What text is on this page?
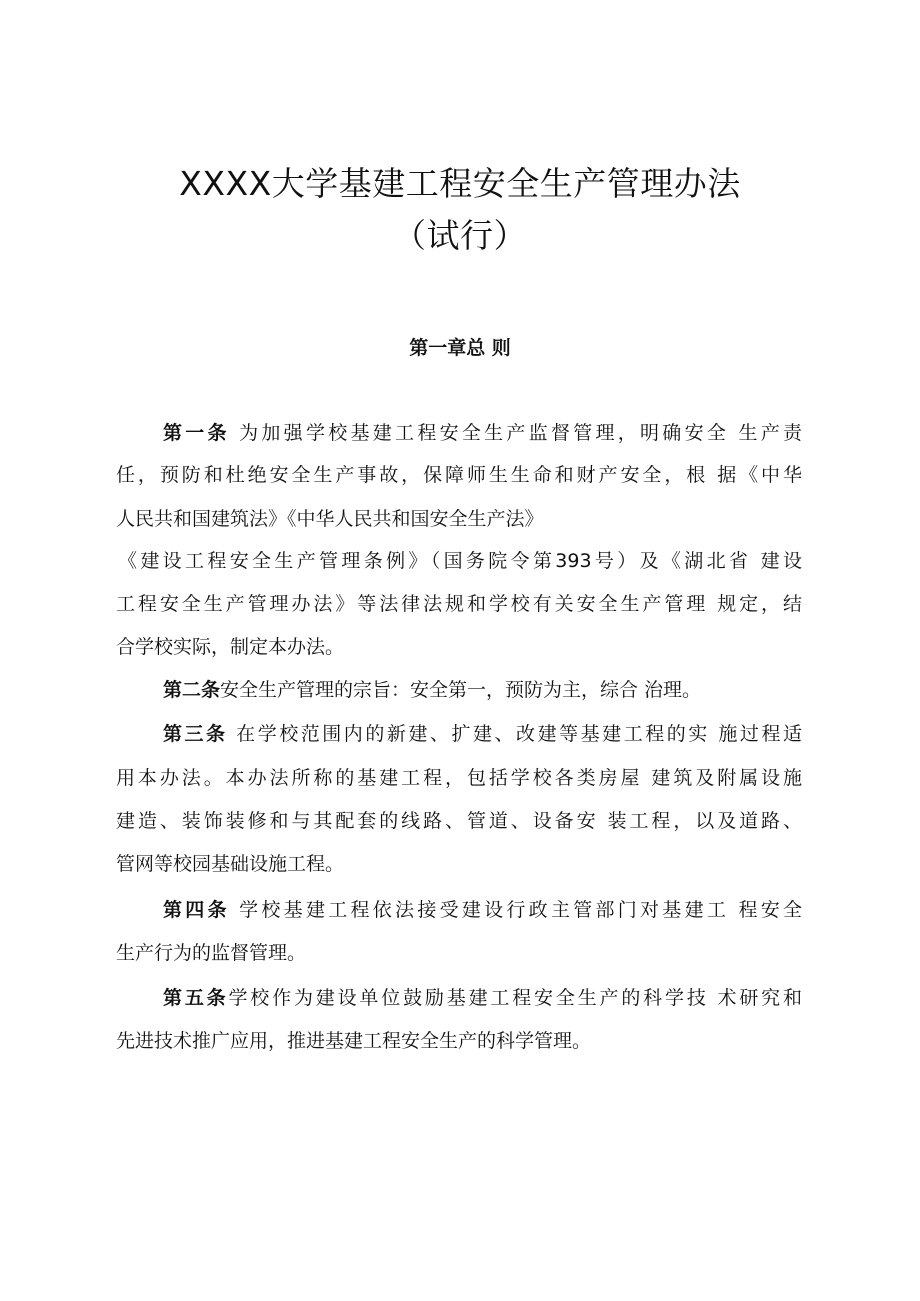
XXXX大学基建工程安全生产管理办法
（试行）
第一章总 则
第一条 为加强学校基建工程安全生产监督管理，明确安全 生产责
任，预防和杜绝安全生产事故，保障师生生命和财产安全，根 据《中华
人民共和国建筑法》《中华人民共和国安全生产法》
《建设工程安全生产管理条例》（国务院令第393号）及《湖北省 建设
工程安全生产管理办法》等法律法规和学校有关安全生产管理 规定，结
合学校实际，制定本办法。
第二条安全生产管理的宗旨：安全第一，预防为主，综合 治理。
第三条 在学校范围内的新建、扩建、改建等基建工程的实 施过程适
用本办法。本办法所称的基建工程，包括学校各类房屋 建筑及附属设施
建造、装饰装修和与其配套的线路、管道、设备安 装工程，以及道路、
管网等校园基础设施工程。
第四条 学校基建工程依法接受建设行政主管部门对基建工 程安全
生产行为的监督管理。
第五条学校作为建设单位鼓励基建工程安全生产的科学技 术研究和
先进技术推广应用，推进基建工程安全生产的科学管理。
